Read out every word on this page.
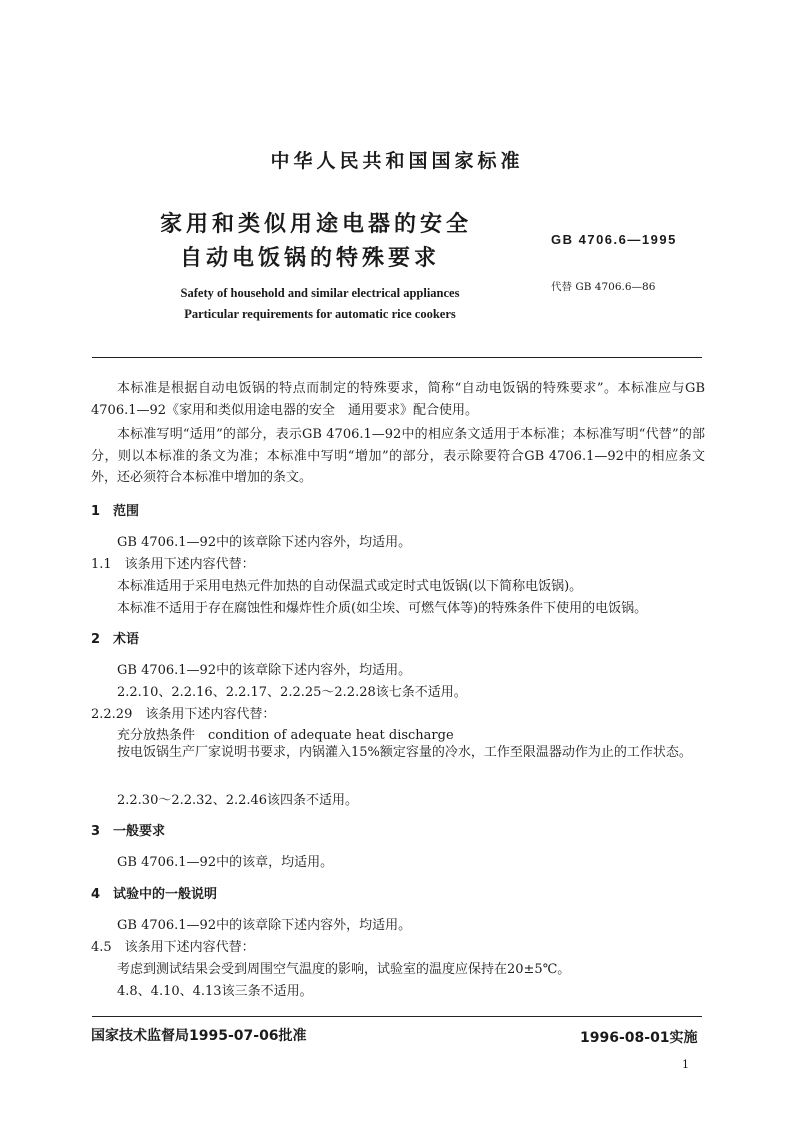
中华人民共和国国家标准
家用和类似用途电器的安全
自动电饭锅的特殊要求
GB 4706.6—1995
代替 GB 4706.6—86
Safety of household and similar electrical appliances
Particular requirements for automatic rice cookers
本标准是根据自动电饭锅的特点而制定的特殊要求，简称“自动电饭锅的特殊要求”。本标准应与GB 4706.1—92《家用和类似用途电器的安全　通用要求》配合使用。
本标准写明“适用”的部分，表示GB 4706.1—92中的相应条文适用于本标准；本标准写明“代替”的部分，则以本标准的条文为准；本标准中写明“增加”的部分，表示除要符合GB 4706.1—92中的相应条文外，还必须符合本标准中增加的条文。
1　范围
GB 4706.1—92中的该章除下述内容外，均适用。
1.1　该条用下述内容代替：
本标准适用于采用电热元件加热的自动保温式或定时式电饭锅(以下简称电饭锅)。
本标准不适用于存在腐蚀性和爆炸性介质(如尘埃、可燃气体等)的特殊条件下使用的电饭锅。
2　术语
GB 4706.1—92中的该章除下述内容外，均适用。
2.2.10、2.2.16、2.2.17、2.2.25～2.2.28该七条不适用。
2.2.29　该条用下述内容代替：
充分放热条件　condition of adequate heat discharge
按电饭锅生产厂家说明书要求，内锅灌入15%额定容量的冷水，工作至限温器动作为止的工作状态。
2.2.30～2.2.32、2.2.46该四条不适用。
3　一般要求
GB 4706.1—92中的该章，均适用。
4　试验中的一般说明
GB 4706.1—92中的该章除下述内容外，均适用。
4.5　该条用下述内容代替：
考虑到测试结果会受到周围空气温度的影响，试验室的温度应保持在20±5℃。
4.8、4.10、4.13该三条不适用。
国家技术监督局1995-07-06批准	1996-08-01实施
1
